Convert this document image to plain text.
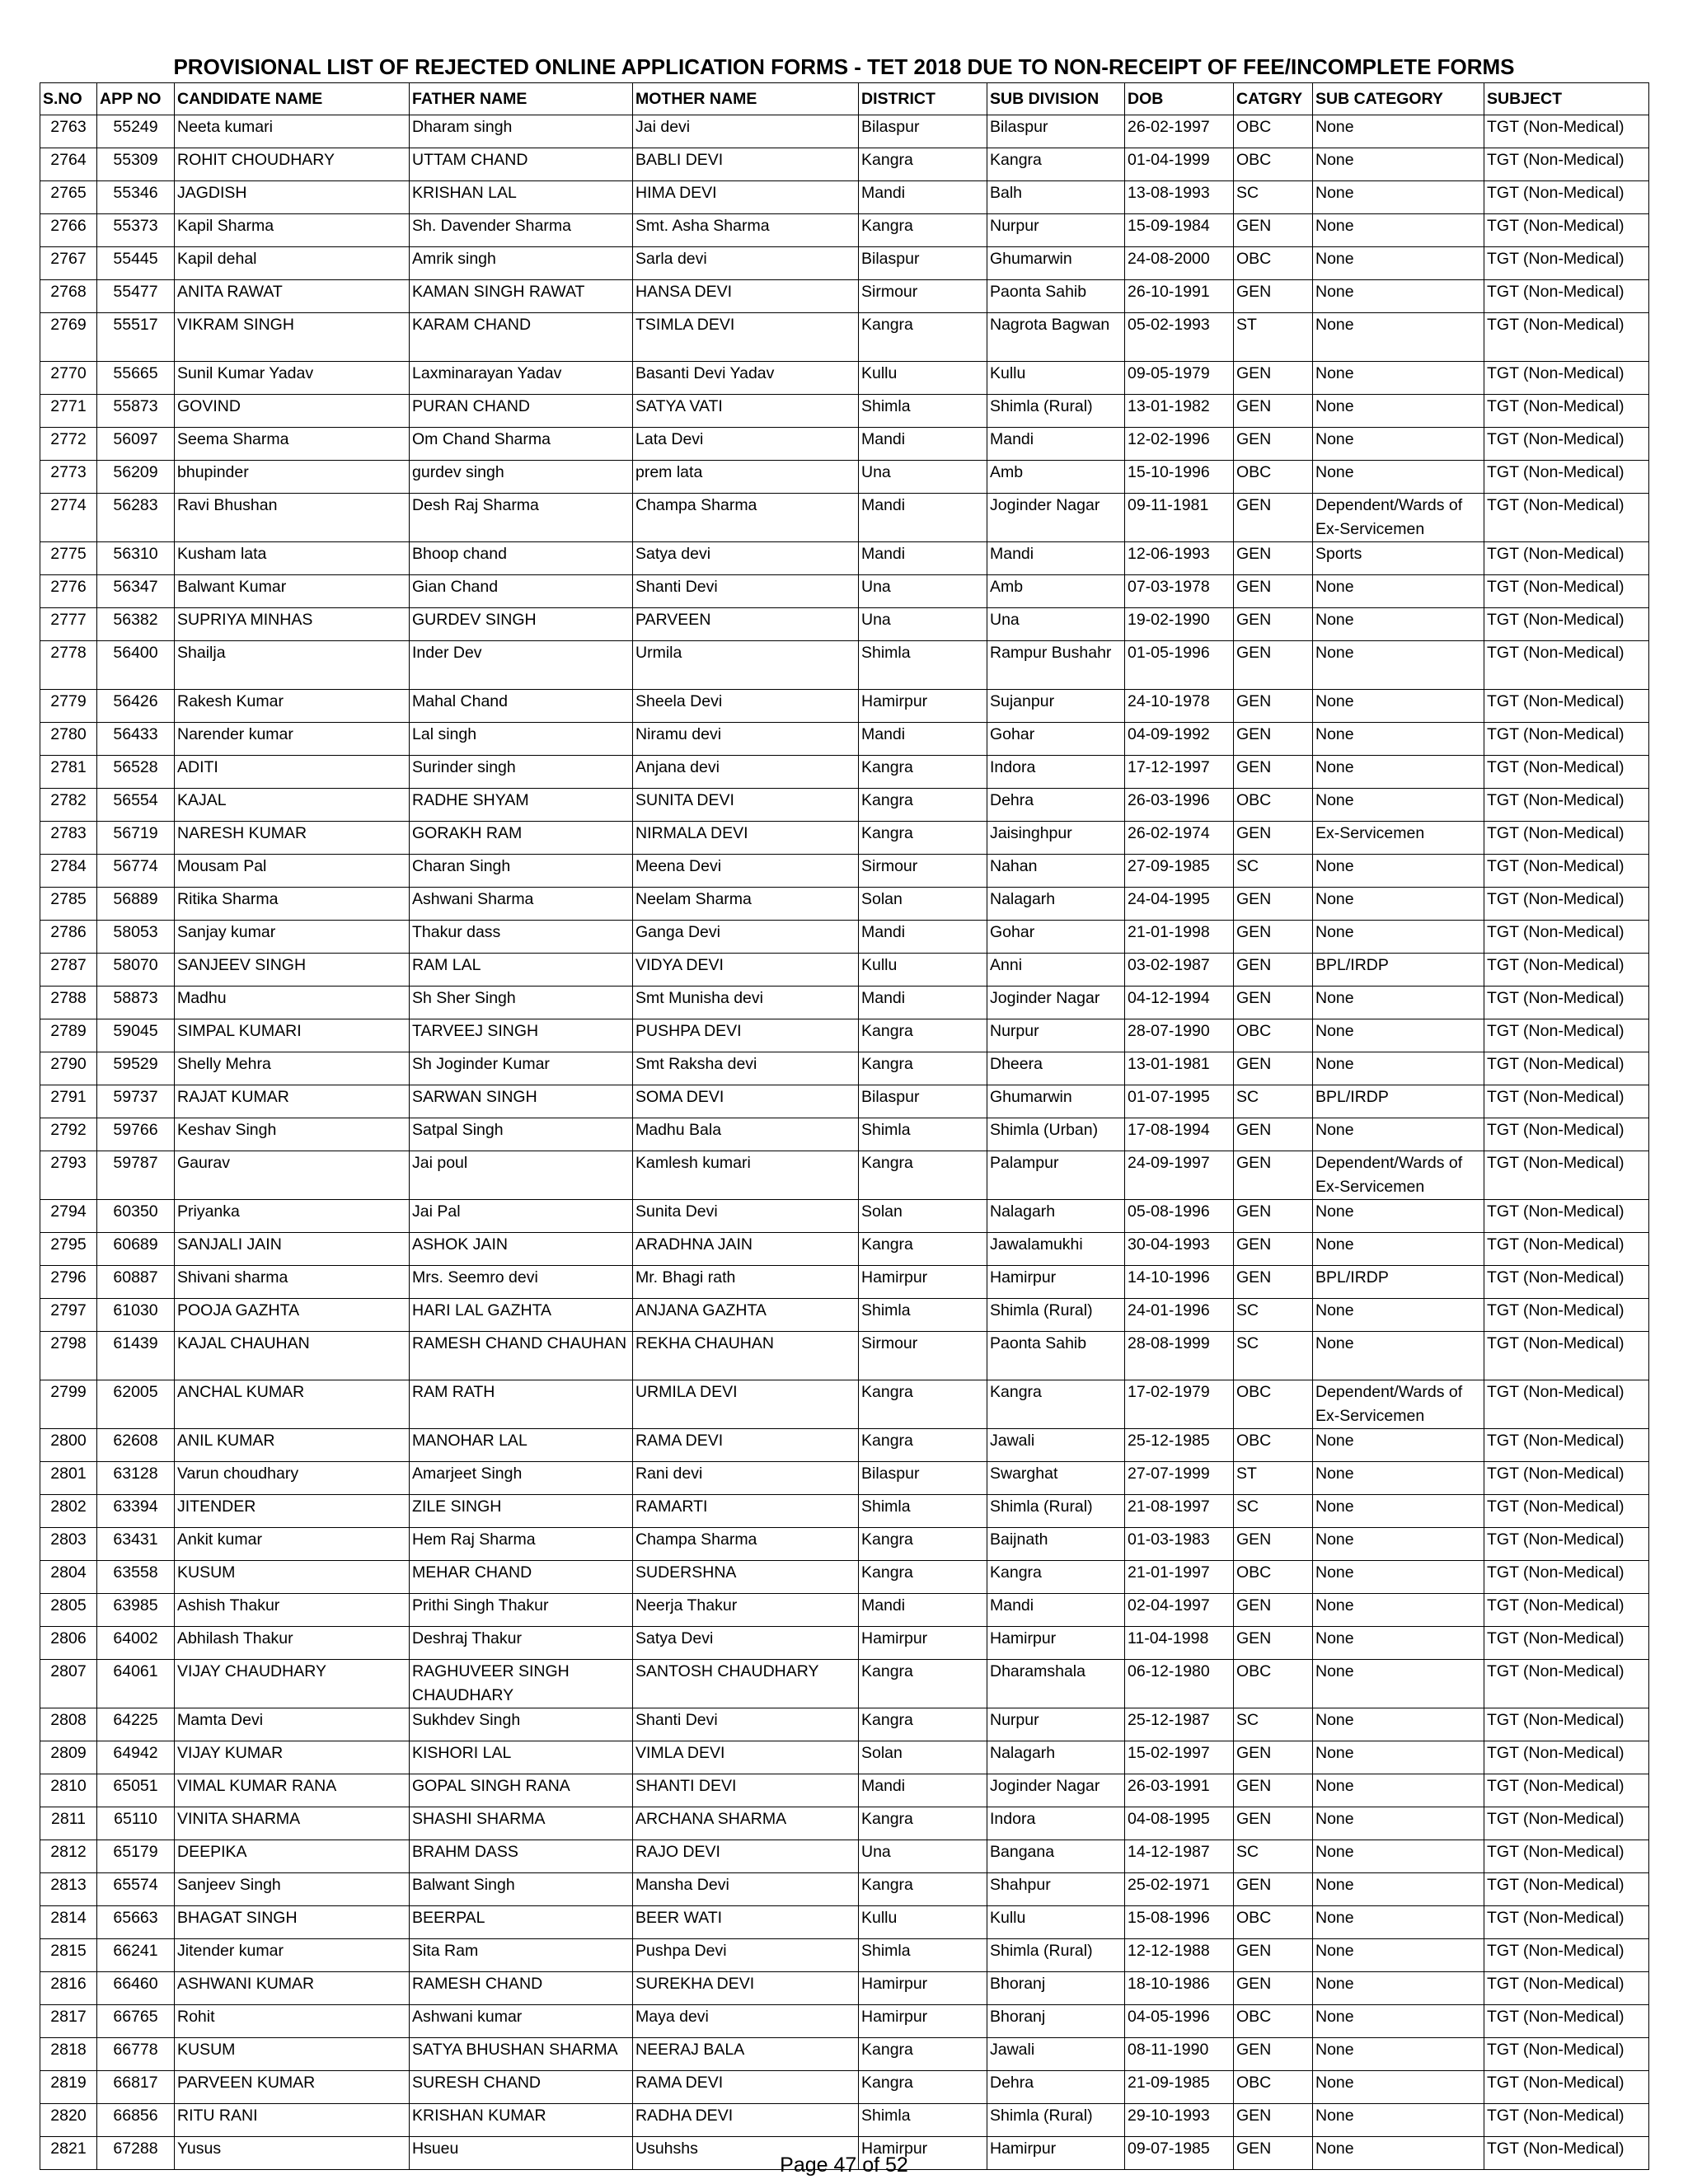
PROVISIONAL LIST OF REJECTED ONLINE APPLICATION FORMS - TET 2018 DUE TO NON-RECEIPT OF FEE/INCOMPLETE FORMS
S.NO	APP NO	CANDIDATE NAME	FATHER NAME	MOTHER NAME	DISTRICT	SUB DIVISION	DOB	CATGRY	SUB CATEGORY	SUBJECT
2763	55249	Neeta kumari	Dharam singh	Jai devi	Bilaspur	Bilaspur	26-02-1997	OBC	None	TGT (Non-Medical)
2764	55309	ROHIT CHOUDHARY	UTTAM CHAND	BABLI DEVI	Kangra	Kangra	01-04-1999	OBC	None	TGT (Non-Medical)
2765	55346	JAGDISH	KRISHAN LAL	HIMA DEVI	Mandi	Balh	13-08-1993	SC	None	TGT (Non-Medical)
2766	55373	Kapil Sharma	Sh. Davender Sharma	Smt. Asha Sharma	Kangra	Nurpur	15-09-1984	GEN	None	TGT (Non-Medical)
2767	55445	Kapil dehal	Amrik singh	Sarla devi	Bilaspur	Ghumarwin	24-08-2000	OBC	None	TGT (Non-Medical)
2768	55477	ANITA RAWAT	KAMAN SINGH RAWAT	HANSA DEVI	Sirmour	Paonta Sahib	26-10-1991	GEN	None	TGT (Non-Medical)
2769	55517	VIKRAM SINGH	KARAM CHAND	TSIMLA DEVI	Kangra	Nagrota Bagwan	05-02-1993	ST	None	TGT (Non-Medical)
2770	55665	Sunil Kumar Yadav	Laxminarayan Yadav	Basanti Devi Yadav	Kullu	Kullu	09-05-1979	GEN	None	TGT (Non-Medical)
2771	55873	GOVIND	PURAN CHAND	SATYA VATI	Shimla	Shimla (Rural)	13-01-1982	GEN	None	TGT (Non-Medical)
2772	56097	Seema Sharma	Om Chand Sharma	Lata Devi	Mandi	Mandi	12-02-1996	GEN	None	TGT (Non-Medical)
2773	56209	bhupinder	gurdev singh	prem lata	Una	Amb	15-10-1996	OBC	None	TGT (Non-Medical)
2774	56283	Ravi Bhushan	Desh Raj Sharma	Champa Sharma	Mandi	Joginder Nagar	09-11-1981	GEN	Dependent/Wards of Ex-Servicemen	TGT (Non-Medical)
2775	56310	Kusham lata	Bhoop chand	Satya devi	Mandi	Mandi	12-06-1993	GEN	Sports	TGT (Non-Medical)
2776	56347	Balwant Kumar	Gian Chand	Shanti Devi	Una	Amb	07-03-1978	GEN	None	TGT (Non-Medical)
2777	56382	SUPRIYA MINHAS	GURDEV SINGH	PARVEEN	Una	Una	19-02-1990	GEN	None	TGT (Non-Medical)
2778	56400	Shailja	Inder Dev	Urmila	Shimla	Rampur Bushahr	01-05-1996	GEN	None	TGT (Non-Medical)
2779	56426	Rakesh Kumar	Mahal Chand	Sheela Devi	Hamirpur	Sujanpur	24-10-1978	GEN	None	TGT (Non-Medical)
2780	56433	Narender kumar	Lal singh	Niramu devi	Mandi	Gohar	04-09-1992	GEN	None	TGT (Non-Medical)
2781	56528	ADITI	Surinder singh	Anjana devi	Kangra	Indora	17-12-1997	GEN	None	TGT (Non-Medical)
2782	56554	KAJAL	RADHE SHYAM	SUNITA DEVI	Kangra	Dehra	26-03-1996	OBC	None	TGT (Non-Medical)
2783	56719	NARESH KUMAR	GORAKH RAM	NIRMALA DEVI	Kangra	Jaisinghpur	26-02-1974	GEN	Ex-Servicemen	TGT (Non-Medical)
2784	56774	Mousam Pal	Charan Singh	Meena Devi	Sirmour	Nahan	27-09-1985	SC	None	TGT (Non-Medical)
2785	56889	Ritika Sharma	Ashwani Sharma	Neelam Sharma	Solan	Nalagarh	24-04-1995	GEN	None	TGT (Non-Medical)
2786	58053	Sanjay kumar	Thakur dass	Ganga Devi	Mandi	Gohar	21-01-1998	GEN	None	TGT (Non-Medical)
2787	58070	SANJEEV SINGH	RAM LAL	VIDYA DEVI	Kullu	Anni	03-02-1987	GEN	BPL/IRDP	TGT (Non-Medical)
2788	58873	Madhu	Sh Sher Singh	Smt Munisha devi	Mandi	Joginder Nagar	04-12-1994	GEN	None	TGT (Non-Medical)
2789	59045	SIMPAL KUMARI	TARVEEJ SINGH	PUSHPA DEVI	Kangra	Nurpur	28-07-1990	OBC	None	TGT (Non-Medical)
2790	59529	Shelly Mehra	Sh Joginder Kumar	Smt Raksha devi	Kangra	Dheera	13-01-1981	GEN	None	TGT (Non-Medical)
2791	59737	RAJAT KUMAR	SARWAN SINGH	SOMA DEVI	Bilaspur	Ghumarwin	01-07-1995	SC	BPL/IRDP	TGT (Non-Medical)
2792	59766	Keshav Singh	Satpal Singh	Madhu Bala	Shimla	Shimla (Urban)	17-08-1994	GEN	None	TGT (Non-Medical)
2793	59787	Gaurav	Jai poul	Kamlesh kumari	Kangra	Palampur	24-09-1997	GEN	Dependent/Wards of Ex-Servicemen	TGT (Non-Medical)
2794	60350	Priyanka	Jai Pal	Sunita Devi	Solan	Nalagarh	05-08-1996	GEN	None	TGT (Non-Medical)
2795	60689	SANJALI JAIN	ASHOK JAIN	ARADHNA JAIN	Kangra	Jawalamukhi	30-04-1993	GEN	None	TGT (Non-Medical)
2796	60887	Shivani sharma	Mrs. Seemro devi	Mr. Bhagi rath	Hamirpur	Hamirpur	14-10-1996	GEN	BPL/IRDP	TGT (Non-Medical)
2797	61030	POOJA GAZHTA	HARI LAL GAZHTA	ANJANA GAZHTA	Shimla	Shimla (Rural)	24-01-1996	SC	None	TGT (Non-Medical)
2798	61439	KAJAL CHAUHAN	RAMESH CHAND CHAUHAN	REKHA CHAUHAN	Sirmour	Paonta Sahib	28-08-1999	SC	None	TGT (Non-Medical)
2799	62005	ANCHAL KUMAR	RAM RATH	URMILA DEVI	Kangra	Kangra	17-02-1979	OBC	Dependent/Wards of Ex-Servicemen	TGT (Non-Medical)
2800	62608	ANIL KUMAR	MANOHAR LAL	RAMA DEVI	Kangra	Jawali	25-12-1985	OBC	None	TGT (Non-Medical)
2801	63128	Varun choudhary	Amarjeet Singh	Rani devi	Bilaspur	Swarghat	27-07-1999	ST	None	TGT (Non-Medical)
2802	63394	JITENDER	ZILE SINGH	RAMARTI	Shimla	Shimla (Rural)	21-08-1997	SC	None	TGT (Non-Medical)
2803	63431	Ankit kumar	Hem Raj Sharma	Champa Sharma	Kangra	Baijnath	01-03-1983	GEN	None	TGT (Non-Medical)
2804	63558	KUSUM	MEHAR CHAND	SUDERSHNA	Kangra	Kangra	21-01-1997	OBC	None	TGT (Non-Medical)
2805	63985	Ashish Thakur	Prithi Singh Thakur	Neerja Thakur	Mandi	Mandi	02-04-1997	GEN	None	TGT (Non-Medical)
2806	64002	Abhilash Thakur	Deshraj Thakur	Satya Devi	Hamirpur	Hamirpur	11-04-1998	GEN	None	TGT (Non-Medical)
2807	64061	VIJAY CHAUDHARY	RAGHUVEER SINGH CHAUDHARY	SANTOSH CHAUDHARY	Kangra	Dharamshala	06-12-1980	OBC	None	TGT (Non-Medical)
2808	64225	Mamta Devi	Sukhdev Singh	Shanti Devi	Kangra	Nurpur	25-12-1987	SC	None	TGT (Non-Medical)
2809	64942	VIJAY KUMAR	KISHORI LAL	VIMLA DEVI	Solan	Nalagarh	15-02-1997	GEN	None	TGT (Non-Medical)
2810	65051	VIMAL KUMAR RANA	GOPAL SINGH RANA	SHANTI DEVI	Mandi	Joginder Nagar	26-03-1991	GEN	None	TGT (Non-Medical)
2811	65110	VINITA SHARMA	SHASHI SHARMA	ARCHANA SHARMA	Kangra	Indora	04-08-1995	GEN	None	TGT (Non-Medical)
2812	65179	DEEPIKA	BRAHM DASS	RAJO DEVI	Una	Bangana	14-12-1987	SC	None	TGT (Non-Medical)
2813	65574	Sanjeev Singh	Balwant Singh	Mansha Devi	Kangra	Shahpur	25-02-1971	GEN	None	TGT (Non-Medical)
2814	65663	BHAGAT SINGH	BEERPAL	BEER WATI	Kullu	Kullu	15-08-1996	OBC	None	TGT (Non-Medical)
2815	66241	Jitender kumar	Sita Ram	Pushpa Devi	Shimla	Shimla (Rural)	12-12-1988	GEN	None	TGT (Non-Medical)
2816	66460	ASHWANI KUMAR	RAMESH CHAND	SUREKHA DEVI	Hamirpur	Bhoranj	18-10-1986	GEN	None	TGT (Non-Medical)
2817	66765	Rohit	Ashwani kumar	Maya devi	Hamirpur	Bhoranj	04-05-1996	OBC	None	TGT (Non-Medical)
2818	66778	KUSUM	SATYA BHUSHAN SHARMA	NEERAJ BALA	Kangra	Jawali	08-11-1990	GEN	None	TGT (Non-Medical)
2819	66817	PARVEEN KUMAR	SURESH CHAND	RAMA DEVI	Kangra	Dehra	21-09-1985	OBC	None	TGT (Non-Medical)
2820	66856	RITU RANI	KRISHAN KUMAR	RADHA DEVI	Shimla	Shimla (Rural)	29-10-1993	GEN	None	TGT (Non-Medical)
2821	67288	Yusus	Hsueu	Usuhshs	Hamirpur	Hamirpur	09-07-1985	GEN	None	TGT (Non-Medical)
Page 47 of 52
